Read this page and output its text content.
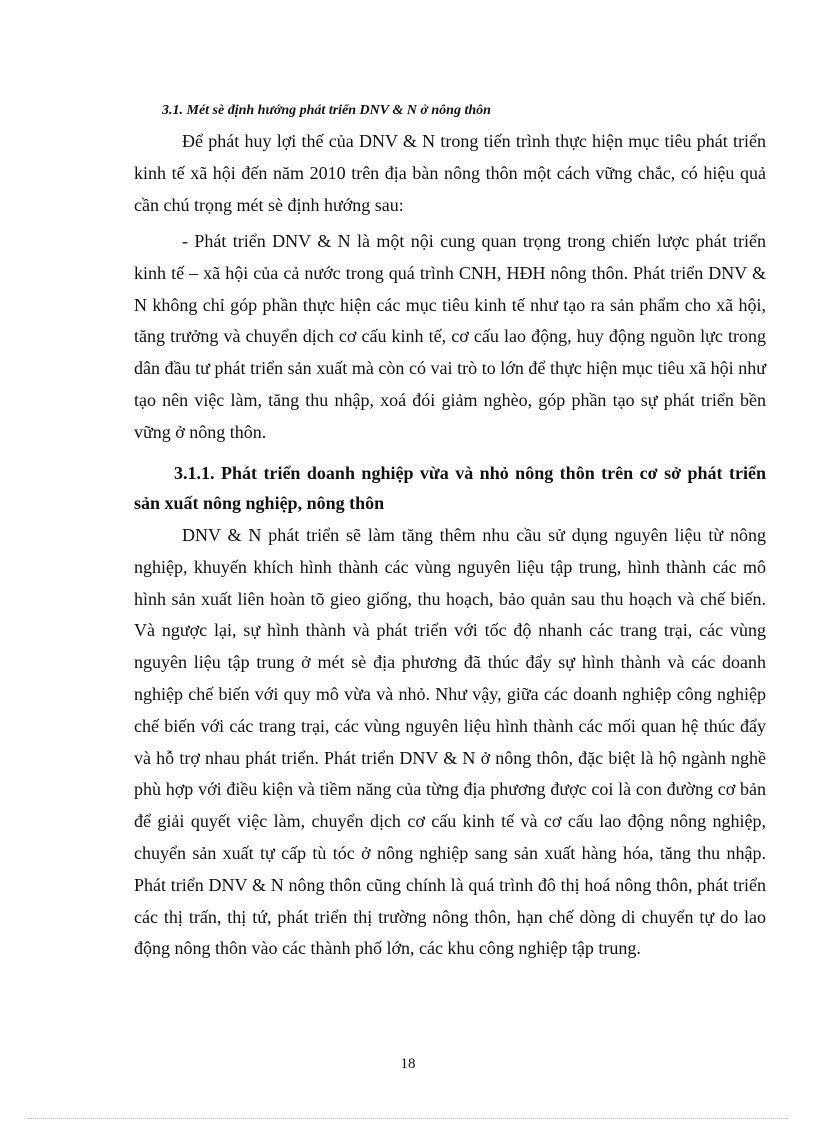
3.1. Mét sè định hướng phát triển DNV & N ở nông thôn

Để phát huy lợi thế của DNV & N trong tiến trình thực hiện mục tiêu phát triển kinh tế xã hội đến năm 2010 trên địa bàn nông thôn một cách vững chắc, có hiệu quả cần chú trọng mét sè định hướng sau:

- Phát triển DNV & N là một nội cung quan trọng trong chiến lược phát triển kinh tế – xã hội của cả nước trong quá trình CNH, HĐH nông thôn. Phát triển DNV & N không chỉ góp phần thực hiện các mục tiêu kinh tế như tạo ra sản phẩm cho xã hội, tăng trưởng và chuyển dịch cơ cấu kinh tế, cơ cấu lao động, huy động nguồn lực trong dân đầu tư phát triển sản xuất mà còn có vai trò to lớn để thực hiện mục tiêu xã hội như tạo nên việc làm, tăng thu nhập, xoá đói giảm nghèo, góp phần tạo sự phát triển bền vững ở nông thôn.

3.1.1. Phát triển doanh nghiệp vừa và nhỏ nông thôn trên cơ sở phát triển sản xuất nông nghiệp, nông thôn

DNV & N phát triển sẽ làm tăng thêm nhu cầu sử dụng nguyên liệu từ nông nghiệp, khuyến khích hình thành các vùng nguyên liệu tập trung, hình thành các mô hình sản xuất liên hoàn tõ gieo giống, thu hoạch, bảo quản sau thu hoạch và chế biến. Và ngược lại, sự hình thành và phát triển với tốc độ nhanh các trang trại, các vùng nguyên liệu tập trung ở mét sè địa phương đã thúc đẩy sự hình thành và các doanh nghiệp chế biến với quy mô vừa và nhỏ. Như vậy, giữa các doanh nghiệp công nghiệp chế biến với các trang trại, các vùng nguyên liệu hình thành các mối quan hệ thúc đẩy và hỗ trợ nhau phát triển. Phát triển DNV & N ở nông thôn, đặc biệt là hộ ngành nghề phù hợp với điều kiện và tiềm năng của từng địa phương được coi là con đường cơ bản để giải quyết việc làm, chuyển dịch cơ cấu kinh tế và cơ cấu lao động nông nghiệp, chuyển sản xuất tự cấp tù tóc ở nông nghiệp sang sản xuất hàng hóa, tăng thu nhập. Phát triển DNV & N nông thôn cũng chính là quá trình đô thị hoá nông thôn, phát triển các thị trấn, thị tứ, phát triển thị trường nông thôn, hạn chế dòng di chuyển tự do lao động nông thôn vào các thành phố lớn, các khu công nghiệp tập trung.

18
